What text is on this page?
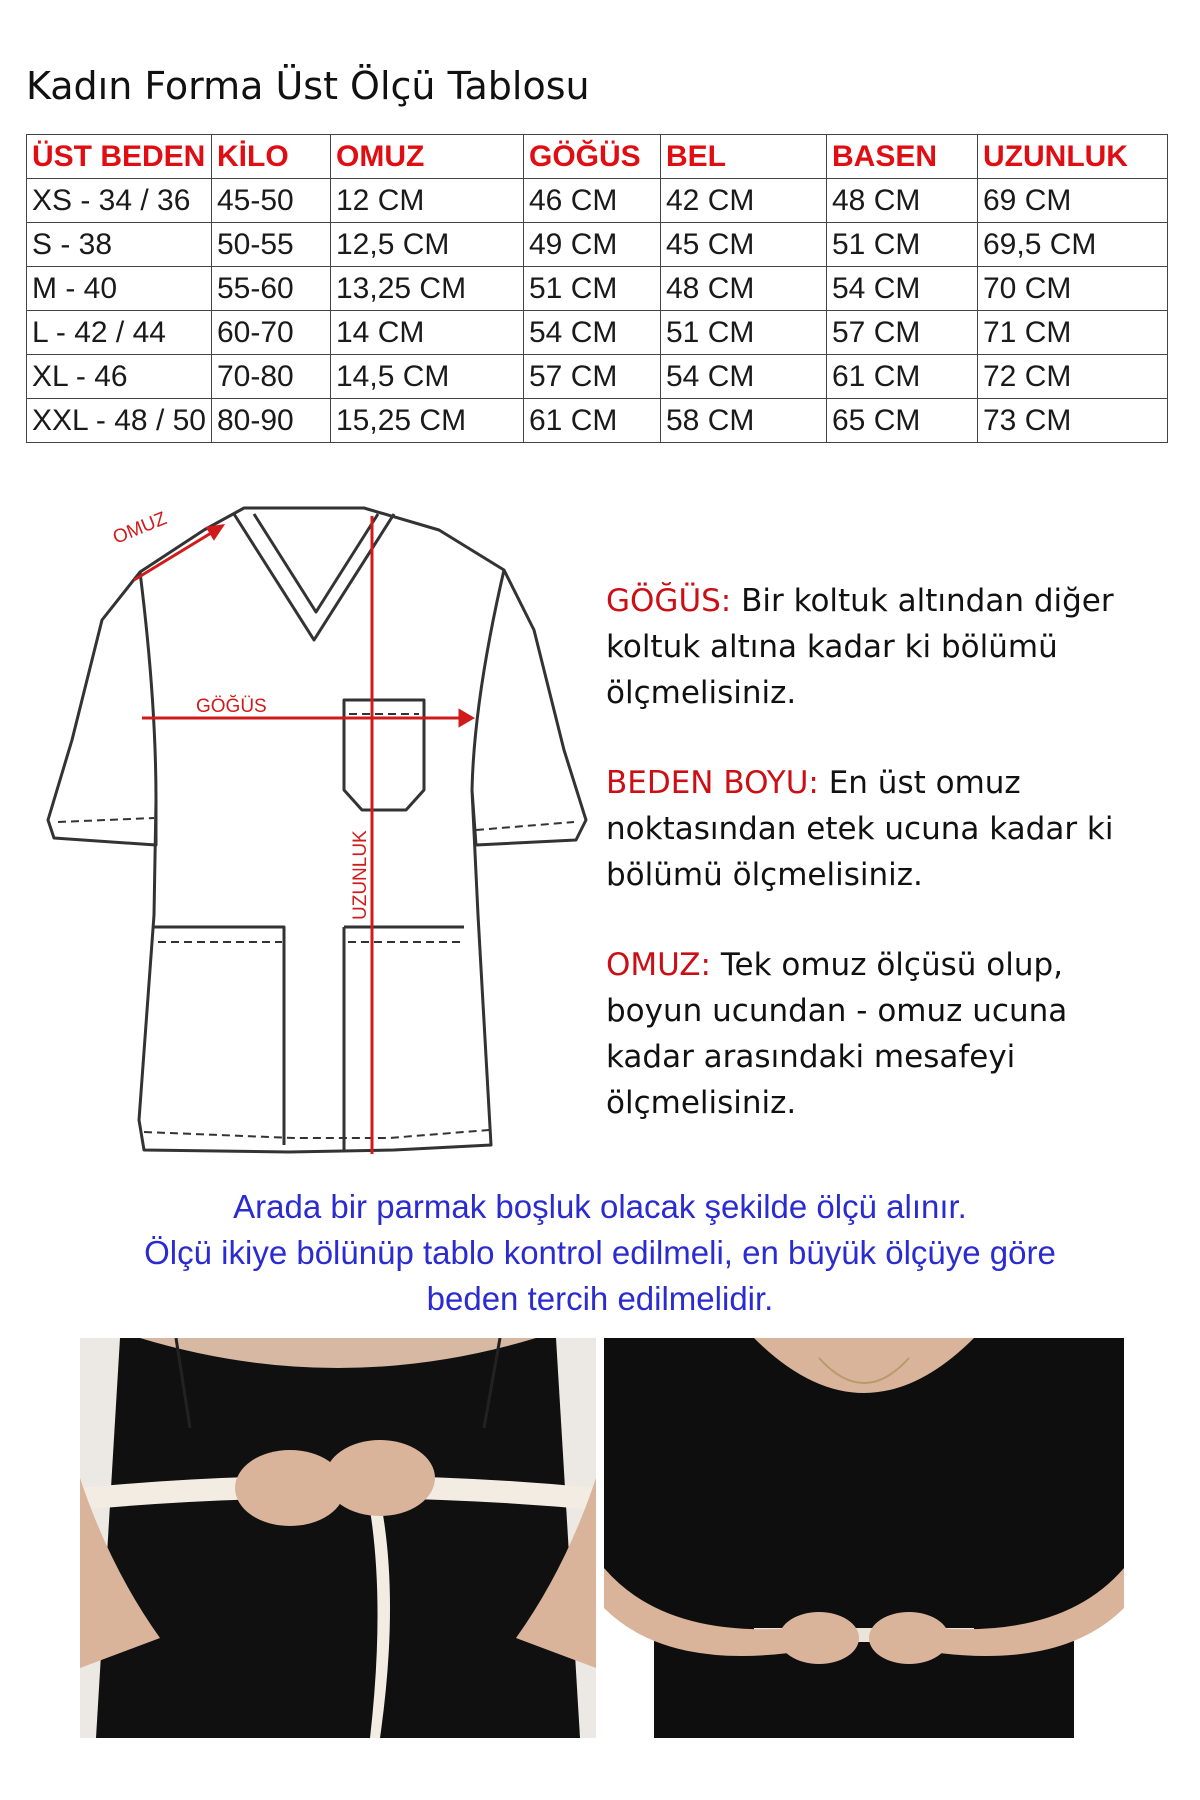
Kadın Forma Üst Ölçü Tablosu
ÜST BEDEN	KİLO	OMUZ	GÖĞÜS	BEL	BASEN	UZUNLUK
XS - 34 / 36	45-50	12 CM	46 CM	42 CM	48 CM	69 CM
S - 38	50-55	12,5 CM	49 CM	45 CM	51 CM	69,5 CM
M - 40	55-60	13,25 CM	51 CM	48 CM	54 CM	70 CM
L - 42 / 44	60-70	14 CM	54 CM	51 CM	57 CM	71 CM
XL - 46	70-80	14,5 CM	57 CM	54 CM	61 CM	72 CM
XXL - 48 / 50	80-90	15,25 CM	61 CM	58 CM	65 CM	73 CM
OMUZ
GÖĞÜS
UZUNLUK
GÖĞÜS: Bir koltuk altından diğer
koltuk altına kadar ki bölümü
ölçmelisiniz.
BEDEN BOYU: En üst omuz
noktasından etek ucuna kadar ki
bölümü ölçmelisiniz.
OMUZ: Tek omuz ölçüsü olup,
boyun ucundan - omuz ucuna
kadar arasındaki mesafeyi
ölçmelisiniz.
Arada bir parmak boşluk olacak şekilde ölçü alınır.
Ölçü ikiye bölünüp tablo kontrol edilmeli, en büyük ölçüye göre
beden tercih edilmelidir.
